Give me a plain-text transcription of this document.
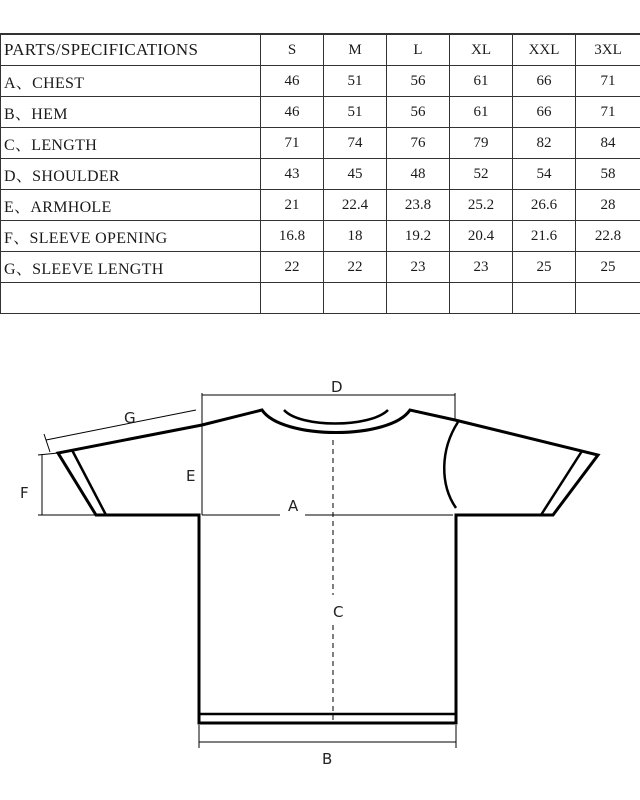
PARTS/SPECIFICATIONS	S	M	L	XL	XXL	3XL
A、CHEST	46	51	56	61	66	71
B、HEM	46	51	56	61	66	71
C、LENGTH	71	74	76	79	82	84
D、SHOULDER	43	45	48	52	54	58
E、ARMHOLE	21	22.4	23.8	25.2	26.6	28
F、SLEEVE OPENING	16.8	18	19.2	20.4	21.6	22.8
G、SLEEVE LENGTH	22	22	23	23	25	25

D
G
E
A
F
C
B
